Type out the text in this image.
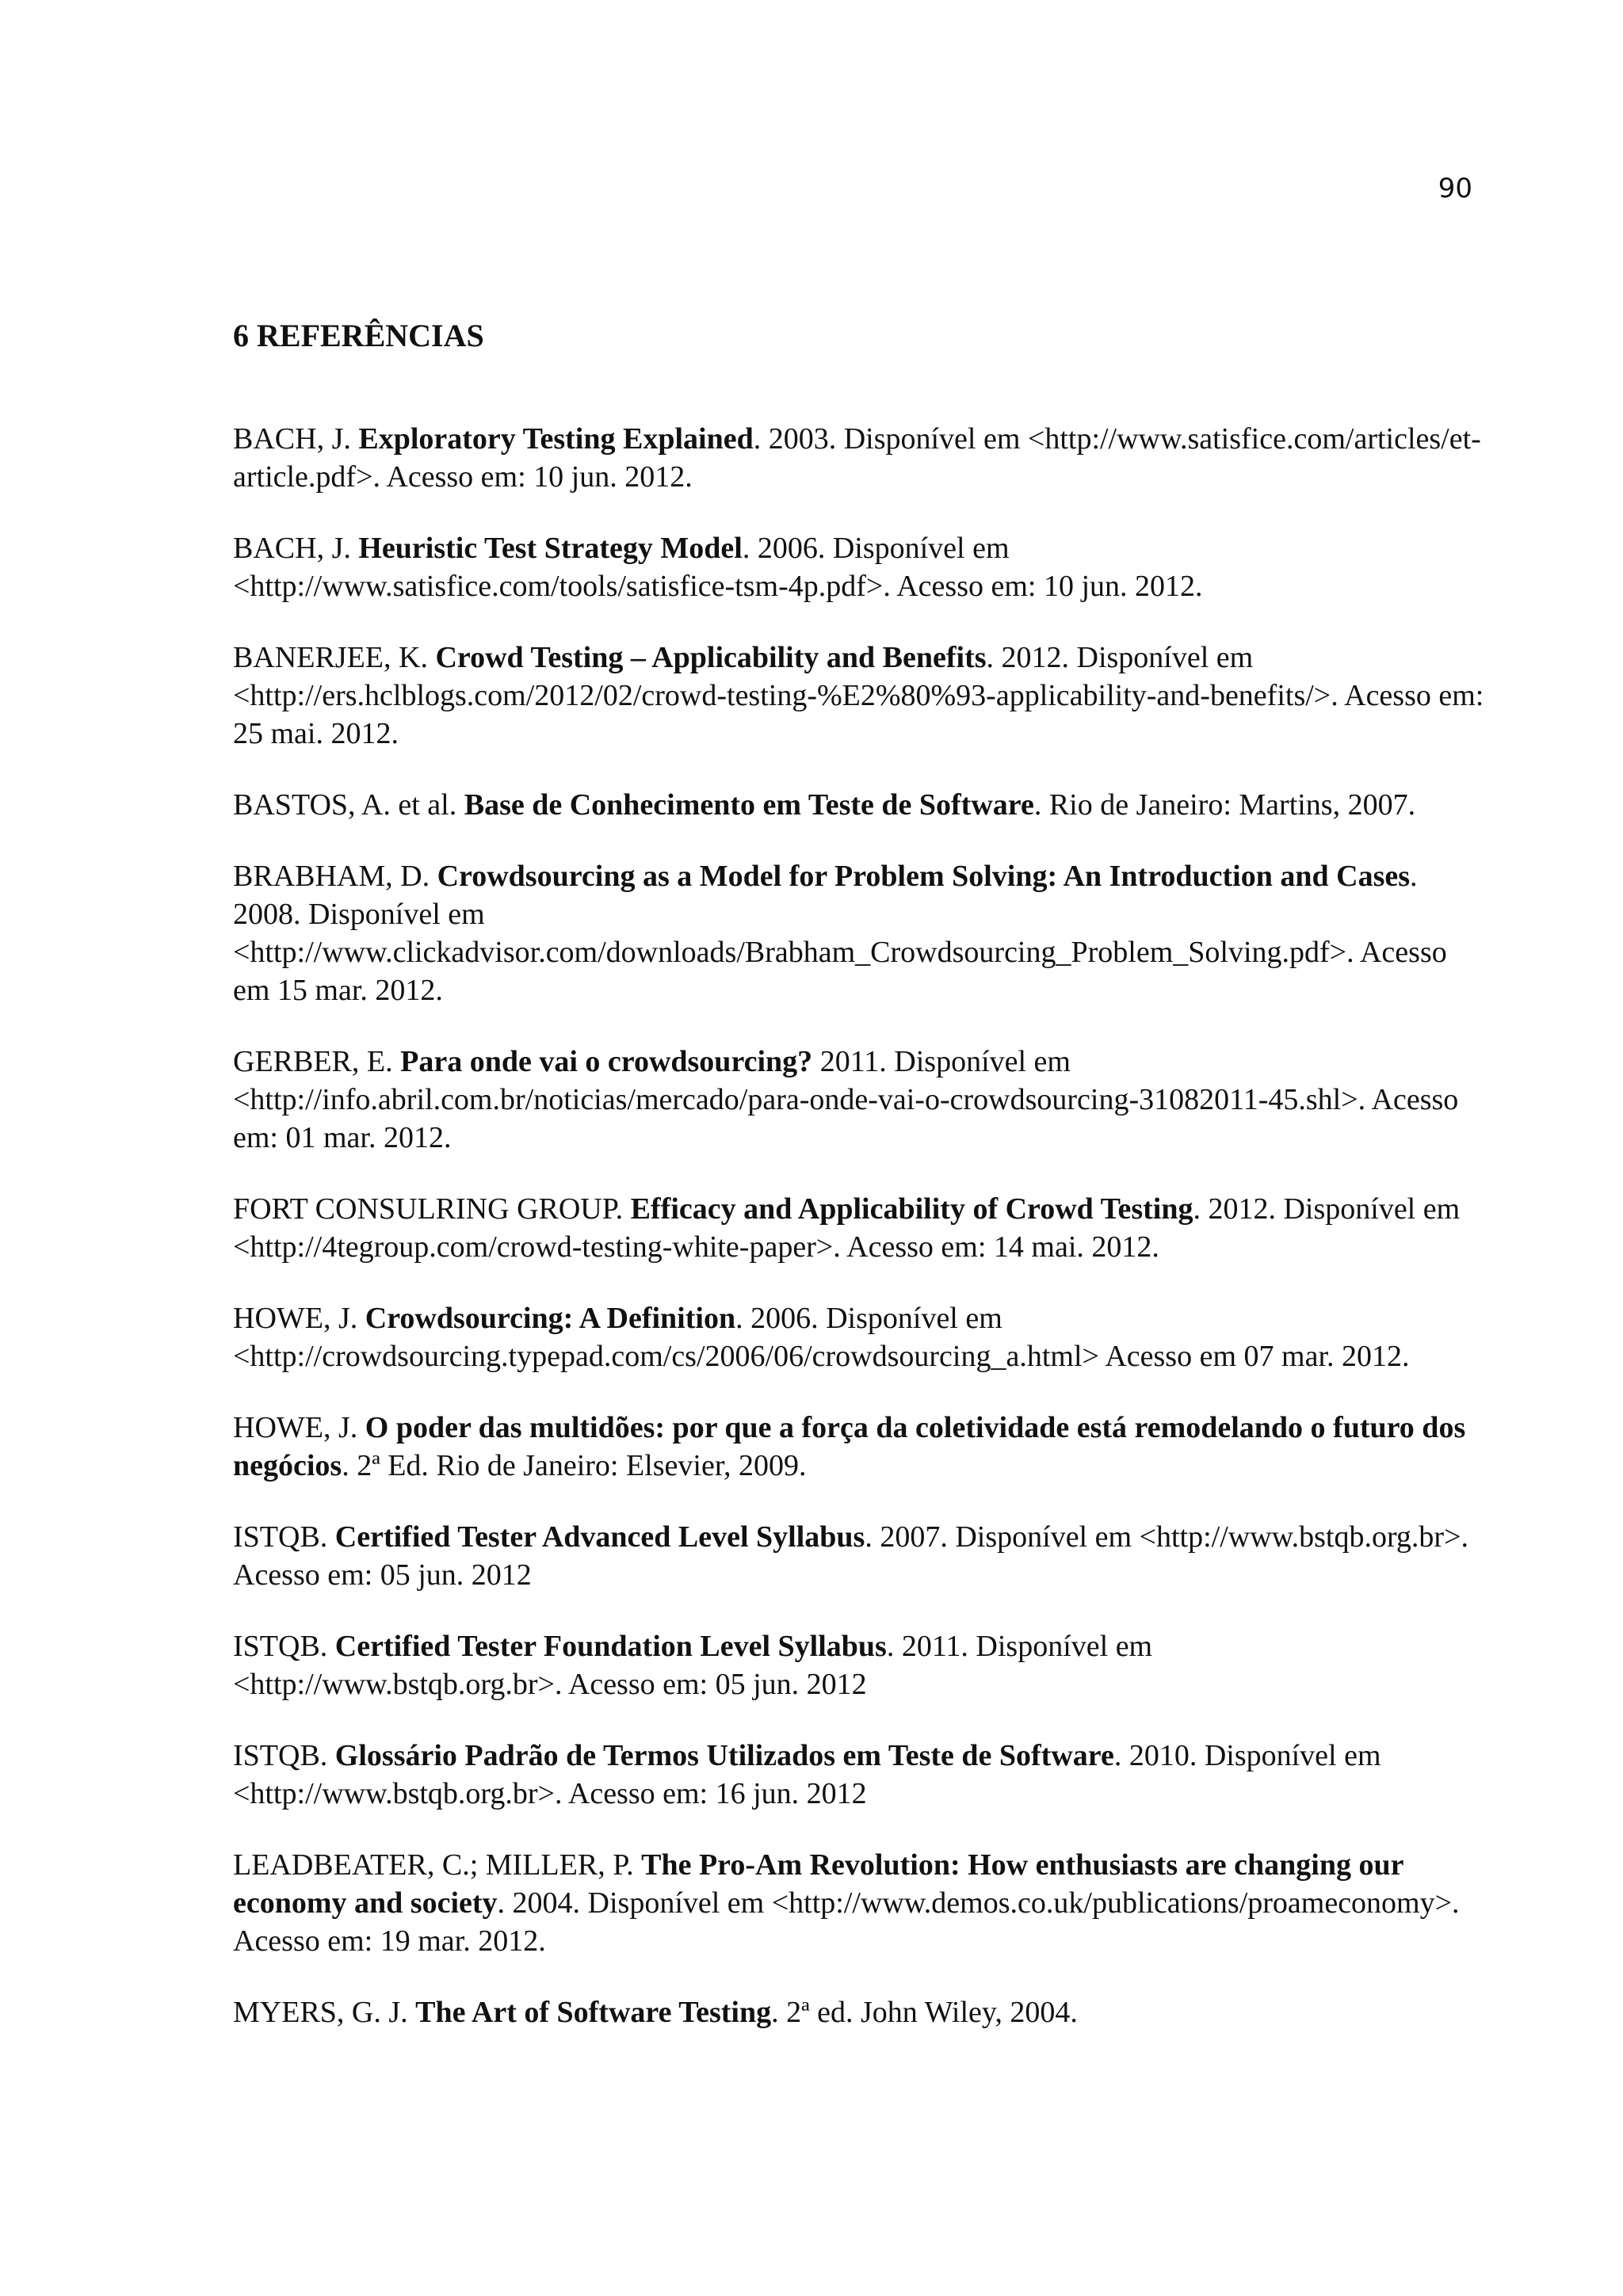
90
6 REFERÊNCIAS
BACH, J. Exploratory Testing Explained. 2003. Disponível em <http://www.satisfice.com/articles/et-article.pdf>. Acesso em: 10 jun. 2012.
BACH, J. Heuristic Test Strategy Model. 2006. Disponível em <http://www.satisfice.com/tools/satisfice-tsm-4p.pdf>. Acesso em: 10 jun. 2012.
BANERJEE, K. Crowd Testing – Applicability and Benefits. 2012. Disponível em <http://ers.hclblogs.com/2012/02/crowd-testing-%E2%80%93-applicability-and-benefits/>. Acesso em: 25 mai. 2012.
BASTOS, A. et al. Base de Conhecimento em Teste de Software. Rio de Janeiro: Martins, 2007.
BRABHAM, D. Crowdsourcing as a Model for Problem Solving: An Introduction and Cases. 2008. Disponível em <http://www.clickadvisor.com/downloads/Brabham_Crowdsourcing_Problem_Solving.pdf>. Acesso em 15 mar. 2012.
GERBER, E. Para onde vai o crowdsourcing? 2011. Disponível em <http://info.abril.com.br/noticias/mercado/para-onde-vai-o-crowdsourcing-31082011-45.shl>. Acesso em: 01 mar. 2012.
FORT CONSULRING GROUP. Efficacy and Applicability of Crowd Testing. 2012. Disponível em <http://4tegroup.com/crowd-testing-white-paper>. Acesso em: 14 mai. 2012.
HOWE, J. Crowdsourcing: A Definition. 2006. Disponível em <http://crowdsourcing.typepad.com/cs/2006/06/crowdsourcing_a.html> Acesso em 07 mar. 2012.
HOWE, J. O poder das multidões: por que a força da coletividade está remodelando o futuro dos negócios. 2ª Ed. Rio de Janeiro: Elsevier, 2009.
ISTQB. Certified Tester Advanced Level Syllabus. 2007. Disponível em <http://www.bstqb.org.br>. Acesso em: 05 jun. 2012
ISTQB. Certified Tester Foundation Level Syllabus. 2011. Disponível em <http://www.bstqb.org.br>. Acesso em: 05 jun. 2012
ISTQB. Glossário Padrão de Termos Utilizados em Teste de Software. 2010. Disponível em <http://www.bstqb.org.br>. Acesso em: 16 jun. 2012
LEADBEATER, C.; MILLER, P. The Pro-Am Revolution: How enthusiasts are changing our economy and society. 2004. Disponível em <http://www.demos.co.uk/publications/proameconomy>. Acesso em: 19 mar. 2012.
MYERS, G. J. The Art of Software Testing. 2ª ed. John Wiley, 2004.
